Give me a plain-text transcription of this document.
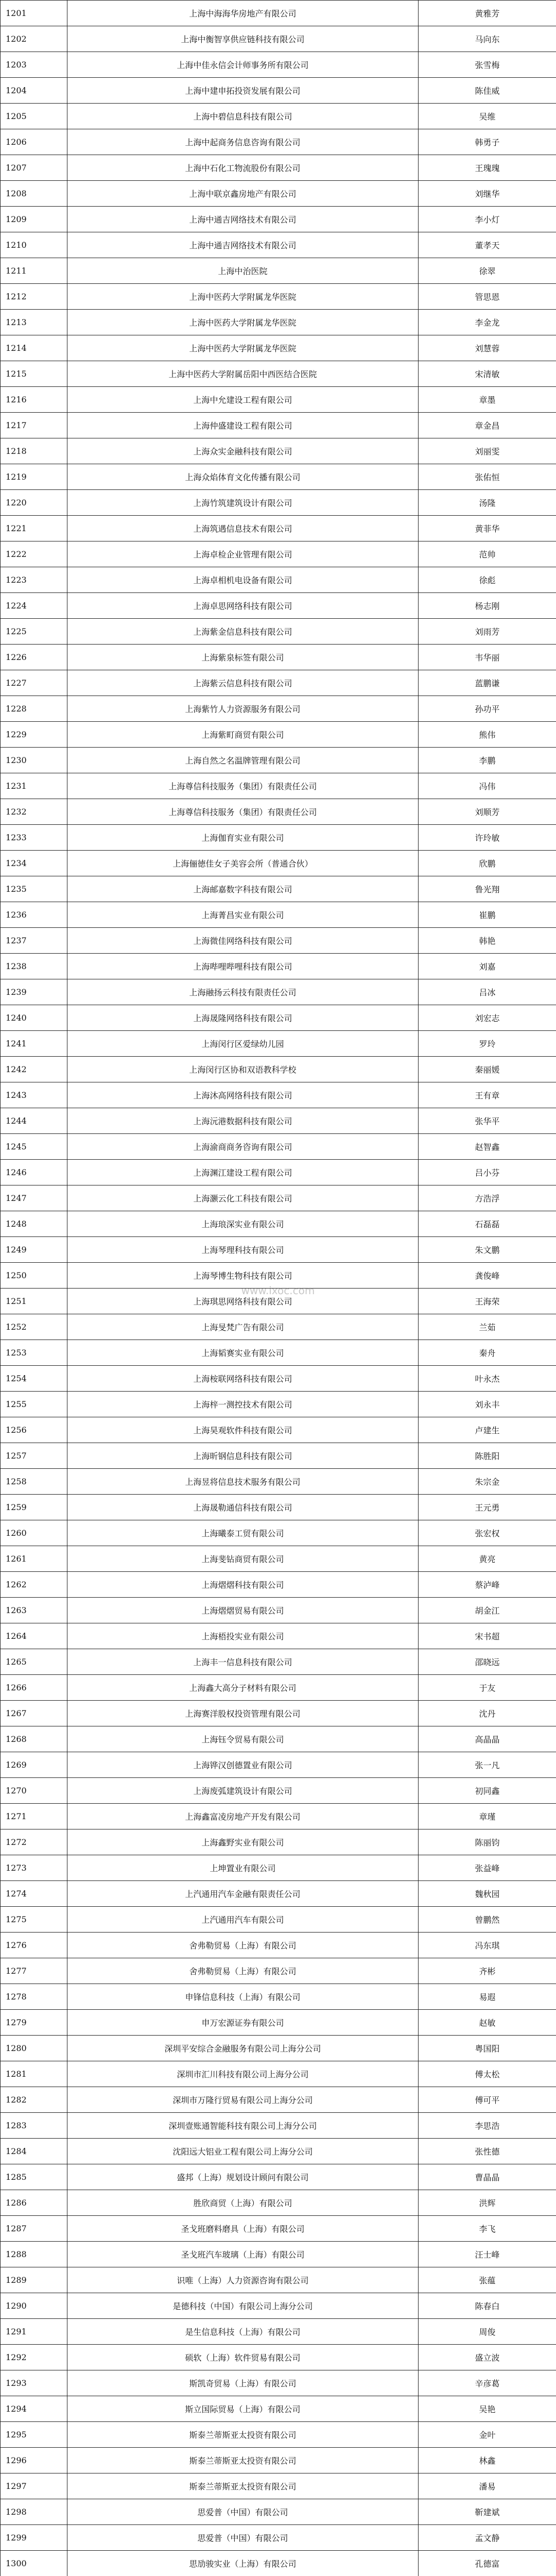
1201	上海中海海华房地产有限公司	黄雅芳
1202	上海中衡智享供应链科技有限公司	马向东
1203	上海中佳永信会计师事务所有限公司	张雪梅
1204	上海中建申拓投资发展有限公司	陈佳威
1205	上海中碧信息科技有限公司	吴维
1206	上海中起商务信息咨询有限公司	韩勇子
1207	上海中石化工物流股份有限公司	王瑰瑰
1208	上海中联京鑫房地产有限公司	刘继华
1209	上海中通吉网络技术有限公司	李小灯
1210	上海中通吉网络技术有限公司	董孝天
1211	上海中治医院	徐翠
1212	上海中医药大学附属龙华医院	管思恩
1213	上海中医药大学附属龙华医院	李金龙
1214	上海中医药大学附属龙华医院	刘慧蓉
1215	上海中医药大学附属岳阳中西医结合医院	宋清敏
1216	上海中允建设工程有限公司	章墨
1217	上海仲盛建设工程有限公司	章金昌
1218	上海众实金融科技有限公司	刘丽雯
1219	上海众焰体育文化传播有限公司	张佑恒
1220	上海竹筑建筑设计有限公司	汤隆
1221	上海筑遇信息技术有限公司	黄菲华
1222	上海卓检企业管理有限公司	范帅
1223	上海卓相机电设备有限公司	徐彪
1224	上海卓思网络科技有限公司	杨志刚
1225	上海紫金信息科技有限公司	刘雨芳
1226	上海紫泉标签有限公司	韦华丽
1227	上海紫云信息科技有限公司	蓝鹏谦
1228	上海紫竹人力资源服务有限公司	孙功平
1229	上海紫町商贸有限公司	熊伟
1230	上海自然之名温牌管理有限公司	李鹏
1231	上海尊信科技服务（集团）有限责任公司	冯伟
1232	上海尊信科技服务（集团）有限责任公司	刘顺芳
1233	上海伽育实业有限公司	许玲敏
1234	上海俪徳佳女子美容会所（普通合伙）	欣鹏
1235	上海邮嘉数字科技有限公司	鲁光翔
1236	上海菁昌实业有限公司	崔鹏
1237	上海微佳网络科技有限公司	韩艳
1238	上海哔哩哔哩科技有限公司	刘嘉
1239	上海融扬云科技有限责任公司	吕冰
1240	上海晟隆网络科技有限公司	刘宏志
1241	上海闵行区爱绿幼儿园	罗玲
1242	上海闵行区协和双语教科学校	秦丽媛
1243	上海沐高网络科技有限公司	王有章
1244	上海沅港数据科技有限公司	张华平
1245	上海渝商商务咨询有限公司	赵智鑫
1246	上海渊江建设工程有限公司	吕小芬
1247	上海灏云化工科技有限公司	方浩浮
1248	上海琅深实业有限公司	石磊磊
1249	上海琴理科技有限公司	朱文鹏
1250	上海琴博生物科技有限公司	龚俊峰
1251	上海琪思网络科技有限公司	王海荣
1252	上海旻梵广告有限公司	兰茹
1253	上海韬赛实业有限公司	秦舟
1254	上海桉联网络科技有限公司	叶永杰
1255	上海梓一测控技术有限公司	刘永丰
1256	上海昊观软件科技有限公司	卢建生
1257	上海昕钢信息科技有限公司	陈胜阳
1258	上海昱将信息技术服务有限公司	朱宗金
1259	上海晟勒通信科技有限公司	王元勇
1260	上海曦泰工贸有限公司	张宏权
1261	上海斐钻商贸有限公司	黄亮
1262	上海熠熠科技有限公司	蔡泸峰
1263	上海熠熠贸易有限公司	胡金江
1264	上海梧投实业有限公司	宋书超
1265	上海丰一信息科技有限公司	邵晓远
1266	上海鑫大高分子材料有限公司	于友
1267	上海赛洋股权投资管理有限公司	沈丹
1268	上海钰令贸易有限公司	高晶晶
1269	上海铧汉创德置业有限公司	张一凡
1270	上海废弧建筑设计有限公司	初同鑫
1271	上海鑫富凌房地产开发有限公司	章瑾
1272	上海鑫野实业有限公司	陈丽钧
1273	上坤置业有限公司	张益峰
1274	上汽通用汽车金融有限责任公司	魏秋园
1275	上汽通用汽车有限公司	曾鹏然
1276	舍弗勒贸易（上海）有限公司	冯东琪
1277	舍弗勒贸易（上海）有限公司	齐彬
1278	申锋信息科技（上海）有限公司	易遐
1279	申万宏源证券有限公司	赵敏
1280	深圳平安综合金融服务有限公司上海分公司	粤国阳
1281	深圳市汇川科技有限公司上海分公司	傅太松
1282	深圳市万隆行贸易有限公司上海分公司	傅可平
1283	深圳壹账通智能科技有限公司上海分公司	李思浩
1284	沈阳远大铝业工程有限公司上海分公司	张性德
1285	盛邦（上海）规划设计顾问有限公司	曹晶晶
1286	胜欣商贸（上海）有限公司	洪辉
1287	圣戈班磨料磨具（上海）有限公司	李飞
1288	圣戈班汽车玻璃（上海）有限公司	汪士峰
1289	识唯（上海）人力资源咨询有限公司	张蕴
1290	是德科技（中国）有限公司上海分公司	陈春白
1291	是生信息科技（上海）有限公司	周俊
1292	硕软（上海）软件贸易有限公司	盛立波
1293	斯凯奇贸易（上海）有限公司	辛彦葛
1294	斯立国际贸易（上海）有限公司	吴艳
1295	斯泰兰蒂斯亚太投资有限公司	金叶
1296	斯泰兰蒂斯亚太投资有限公司	林鑫
1297	斯泰兰蒂斯亚太投资有限公司	潘易
1298	思爱普（中国）有限公司	靳建斌
1299	思爱普（中国）有限公司	孟文静
1300	思劢骏实业（上海）有限公司	孔德富
www.ixoc.com
